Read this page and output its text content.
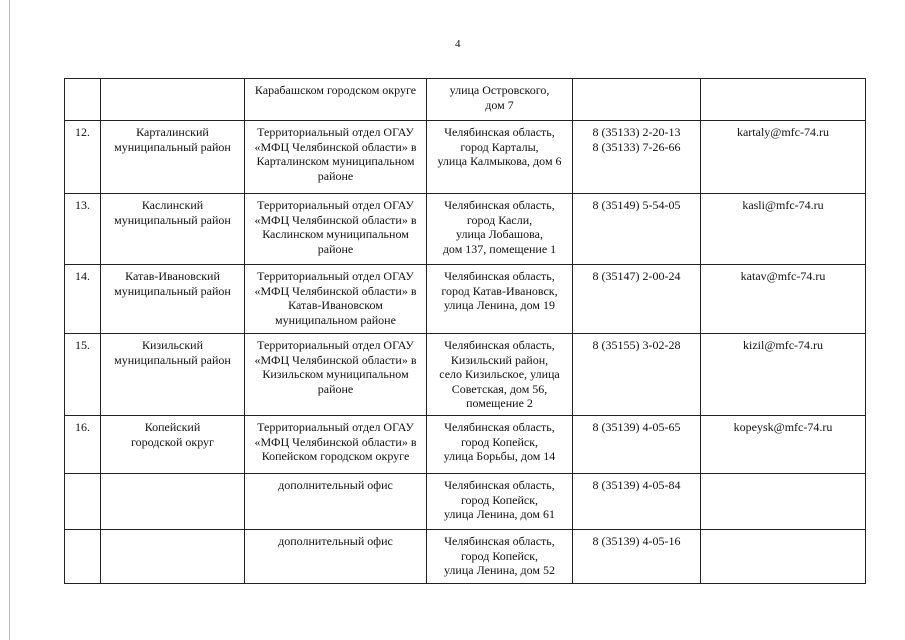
4
		Карабашском городском округе	улица Островского,
дом 7		
12.	Карталинский
муниципальный район	Территориальный отдел ОГАУ
«МФЦ Челябинской области» в
Карталинском муниципальном
районе	Челябинская область,
город Карталы,
улица Калмыкова, дом 6	8 (35133) 2-20-13
8 (35133) 7-26-66	kartaly@mfc-74.ru
13.	Каслинский
муниципальный район	Территориальный отдел ОГАУ
«МФЦ Челябинской области» в
Каслинском муниципальном
районе	Челябинская область,
город Касли,
улица Лобашова,
дом 137, помещение 1	8 (35149) 5-54-05	kasli@mfc-74.ru
14.	Катав-Ивановский
муниципальный район	Территориальный отдел ОГАУ
«МФЦ Челябинской области» в
Катав-Ивановском
муниципальном районе	Челябинская область,
город Катав-Ивановск,
улица Ленина, дом 19	8 (35147) 2-00-24	katav@mfc-74.ru
15.	Кизильский
муниципальный район	Территориальный отдел ОГАУ
«МФЦ Челябинской области» в
Кизильском муниципальном
районе	Челябинская область,
Кизильский район,
село Кизильское, улица
Советская, дом 56,
помещение 2	8 (35155) 3-02-28	kizil@mfc-74.ru
16.	Копейский
городской округ	Территориальный отдел ОГАУ
«МФЦ Челябинской области» в
Копейском городском округе	Челябинская область,
город Копейск,
улица Борьбы, дом 14	8 (35139) 4-05-65	kopeysk@mfc-74.ru
		дополнительный офис	Челябинская область,
город Копейск,
улица Ленина, дом 61	8 (35139) 4-05-84	
		дополнительный офис	Челябинская область,
город Копейск,
улица Ленина, дом 52	8 (35139) 4-05-16	
